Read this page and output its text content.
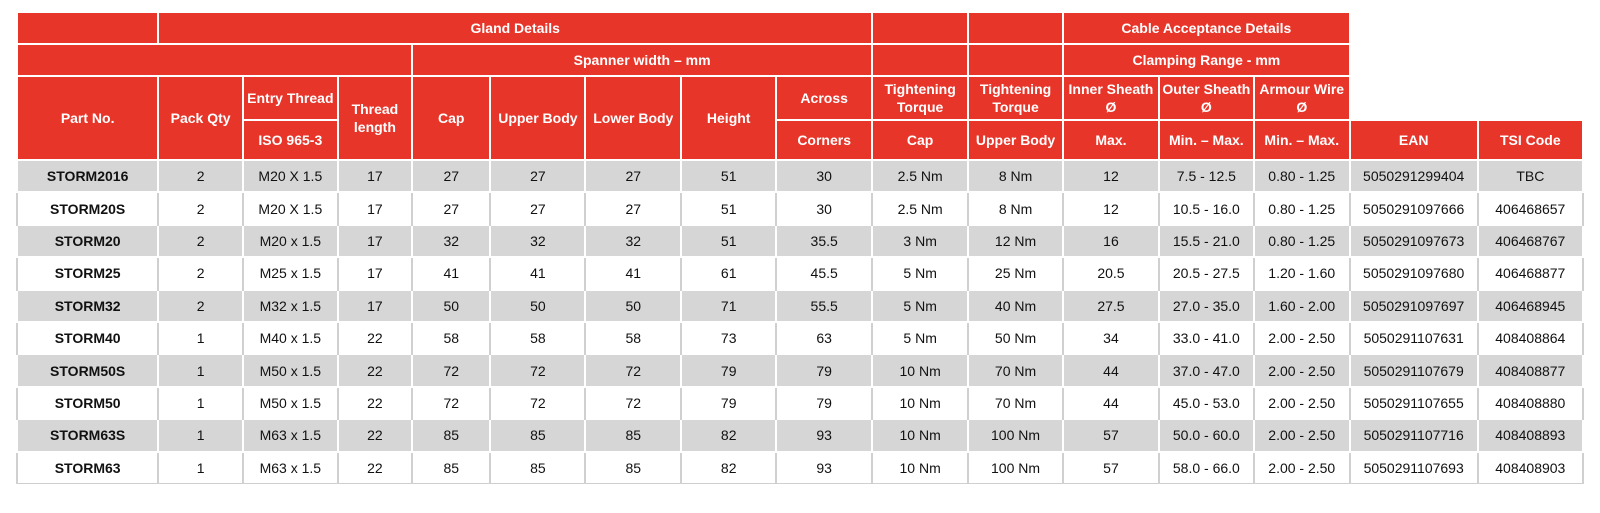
	Gland Details										Cable Acceptance Details				
				Spanner width – mm							Clamping Range - mm				
Part No.	Pack Qty	Entry Thread	Thread length	Cap	Upper Body	Lower Body	Height	Across	Tightening Torque	Tightening Torque	Inner Sheath Ø	Outer Sheath Ø	Armour Wire Ø		
		ISO 965-3						Corners	Cap	Upper Body	Max.	Min. – Max.	Min. – Max.	EAN	TSI Code
STORM2016	2	M20 X 1.5	17	27	27	27	51	30	2.5 Nm	8 Nm	12	7.5 - 12.5	0.80 - 1.25	5050291299404	TBC
STORM20S	2	M20 X 1.5	17	27	27	27	51	30	2.5 Nm	8 Nm	12	10.5 - 16.0	0.80 - 1.25	5050291097666	406468657
STORM20	2	M20 x 1.5	17	32	32	32	51	35.5	3 Nm	12 Nm	16	15.5 - 21.0	0.80 - 1.25	5050291097673	406468767
STORM25	2	M25 x 1.5	17	41	41	41	61	45.5	5 Nm	25 Nm	20.5	20.5 - 27.5	1.20 - 1.60	5050291097680	406468877
STORM32	2	M32 x 1.5	17	50	50	50	71	55.5	5 Nm	40 Nm	27.5	27.0 - 35.0	1.60 - 2.00	5050291097697	406468945
STORM40	1	M40 x 1.5	22	58	58	58	73	63	5 Nm	50 Nm	34	33.0 - 41.0	2.00 - 2.50	5050291107631	408408864
STORM50S	1	M50 x 1.5	22	72	72	72	79	79	10 Nm	70 Nm	44	37.0 - 47.0	2.00 - 2.50	5050291107679	408408877
STORM50	1	M50 x 1.5	22	72	72	72	79	79	10 Nm	70 Nm	44	45.0 - 53.0	2.00 - 2.50	5050291107655	408408880
STORM63S	1	M63 x 1.5	22	85	85	85	82	93	10 Nm	100 Nm	57	50.0 - 60.0	2.00 - 2.50	5050291107716	408408893
STORM63	1	M63 x 1.5	22	85	85	85	82	93	10 Nm	100 Nm	57	58.0 - 66.0	2.00 - 2.50	5050291107693	408408903
